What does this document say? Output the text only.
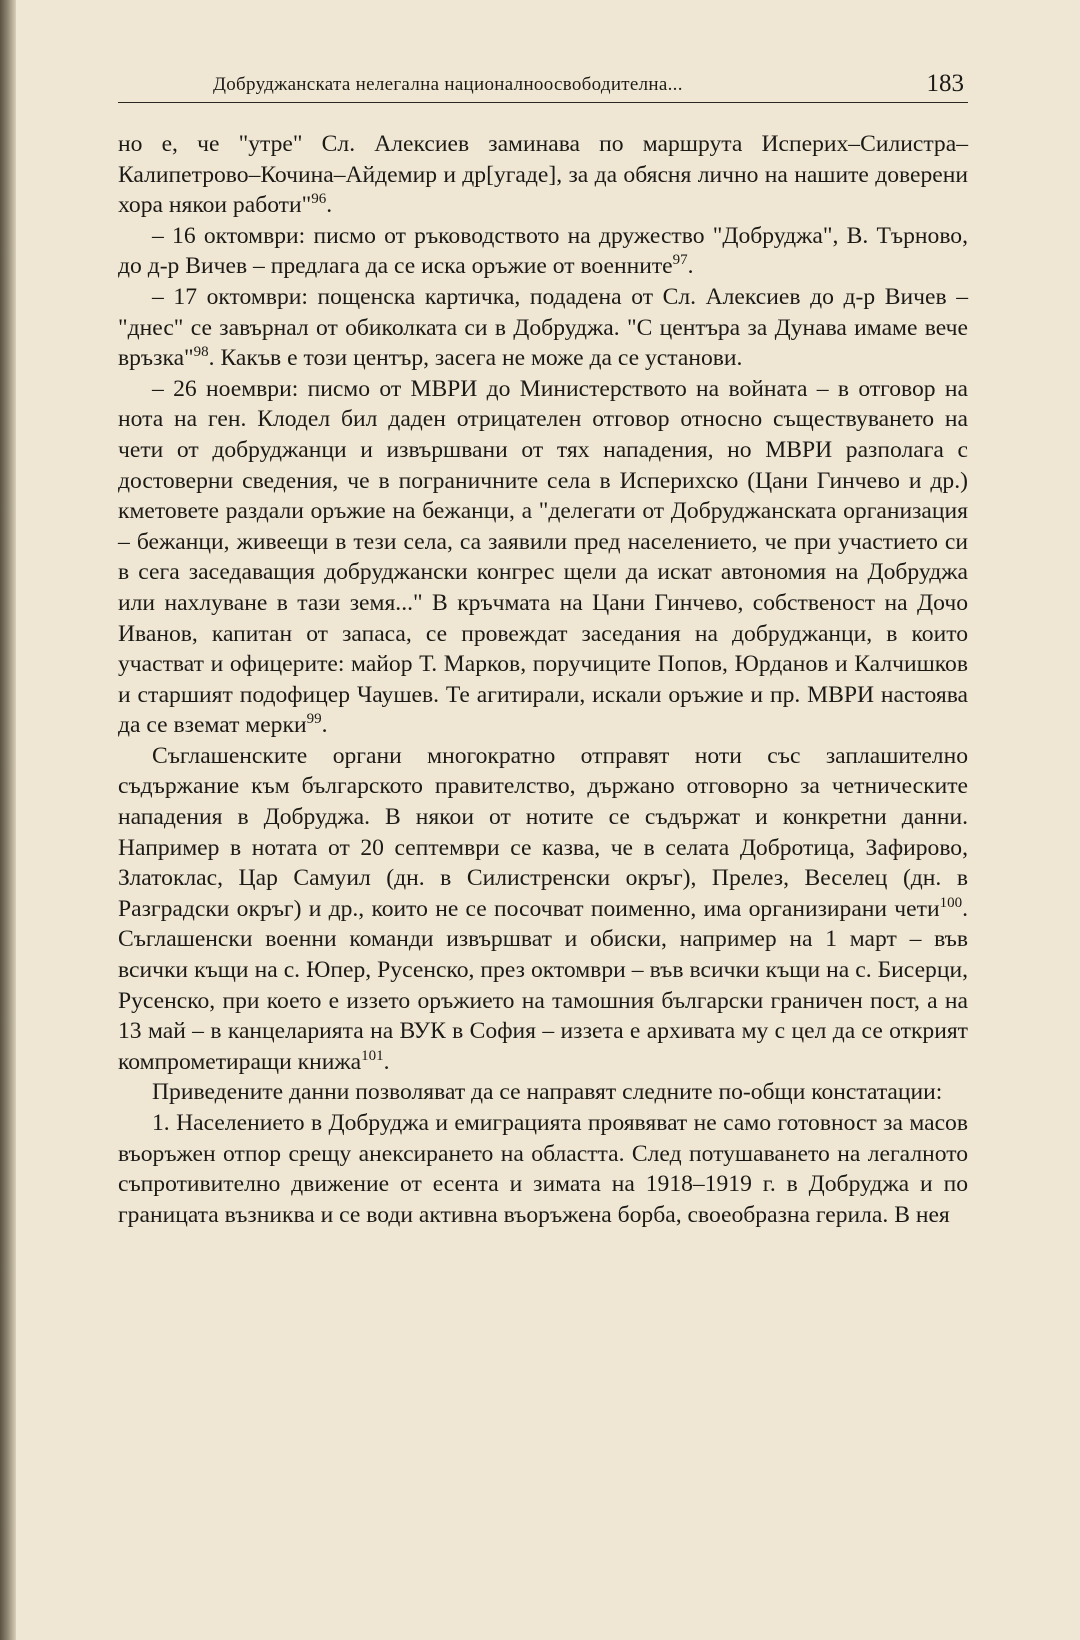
Добруджанската нелегална националноосвободителна...	183

но е, че "утре" Сл. Алексиев заминава по маршрута Исперих–Силистра–Калипетрово–Кочина–Айдемир и др[угаде], за да обясня лично на нашите доверени хора някои работи"$^{96}$.

– 16 октомври: писмо от ръководството на дружество "Добруджа", В. Търново, до д-р Вичев – предлага да се иска оръжие от военните$^{97}$.

– 17 октомври: пощенска картичка, подадена от Сл. Алексиев до д-р Вичев – "днес" се завърнал от обиколката си в Добруджа. "С центъра за Дунава имаме вече връзка"$^{98}$. Какъв е този център, засега не може да се установи.

– 26 ноември: писмо от МВРИ до Министерството на войната – в отговор на нота на ген. Клодел бил даден отрицателен отговор относно съществуването на чети от добруджанци и извършвани от тях нападения, но МВРИ разполага с достоверни сведения, че в пограничните села в Исперихско (Цани Гинчево и др.) кметовете раздали оръжие на бежанци, а "делегати от Добруджанската организация – бежанци, живеещи в тези села, са заявили пред населението, че при участието си в сега заседаващия добруджански конгрес щели да искат автономия на Добруджа или нахлуване в тази земя..." В кръчмата на Цани Гинчево, собственост на Дочо Иванов, капитан от запаса, се провеждат заседания на добруджанци, в които участват и офицерите: майор Т. Марков, поручиците Попов, Юрданов и Калчишков и старшият подофицер Чаушев. Те агитирали, искали оръжие и пр. МВРИ настоява да се вземат мерки$^{99}$.

Съглашенските органи многократно отправят ноти със заплашително съдържание към българското правителство, държано отговорно за четническите нападения в Добруджа. В някои от нотите се съдържат и конкретни данни. Например в нотата от 20 септември се казва, че в селата Добротица, Зафирово, Златоклас, Цар Самуил (дн. в Силистренски окръг), Прелез, Веселец (дн. в Разградски окръг) и др., които не се посочват поименно, има организирани чети$^{100}$. Съглашенски военни команди извършват и обиски, например на 1 март – във всички къщи на с. Юпер, Русенско, през октомври – във всички къщи на с. Бисерци, Русенско, при което е иззето оръжието на тамошния български граничен пост, а на 13 май – в канцеларията на ВУК в София – иззета е архивата му с цел да се открият компрометиращи книжа$^{101}$.

Приведените данни позволяват да се направят следните по-общи констатации:

1. Населението в Добруджа и емиграцията проявяват не само готовност за масов въоръжен отпор срещу анексирането на областта. След потушаването на легалното съпротивително движение от есента и зимата на 1918–1919 г. в Добруджа и по границата възниква и се води активна въоръжена борба, своеобразна герила. В нея
